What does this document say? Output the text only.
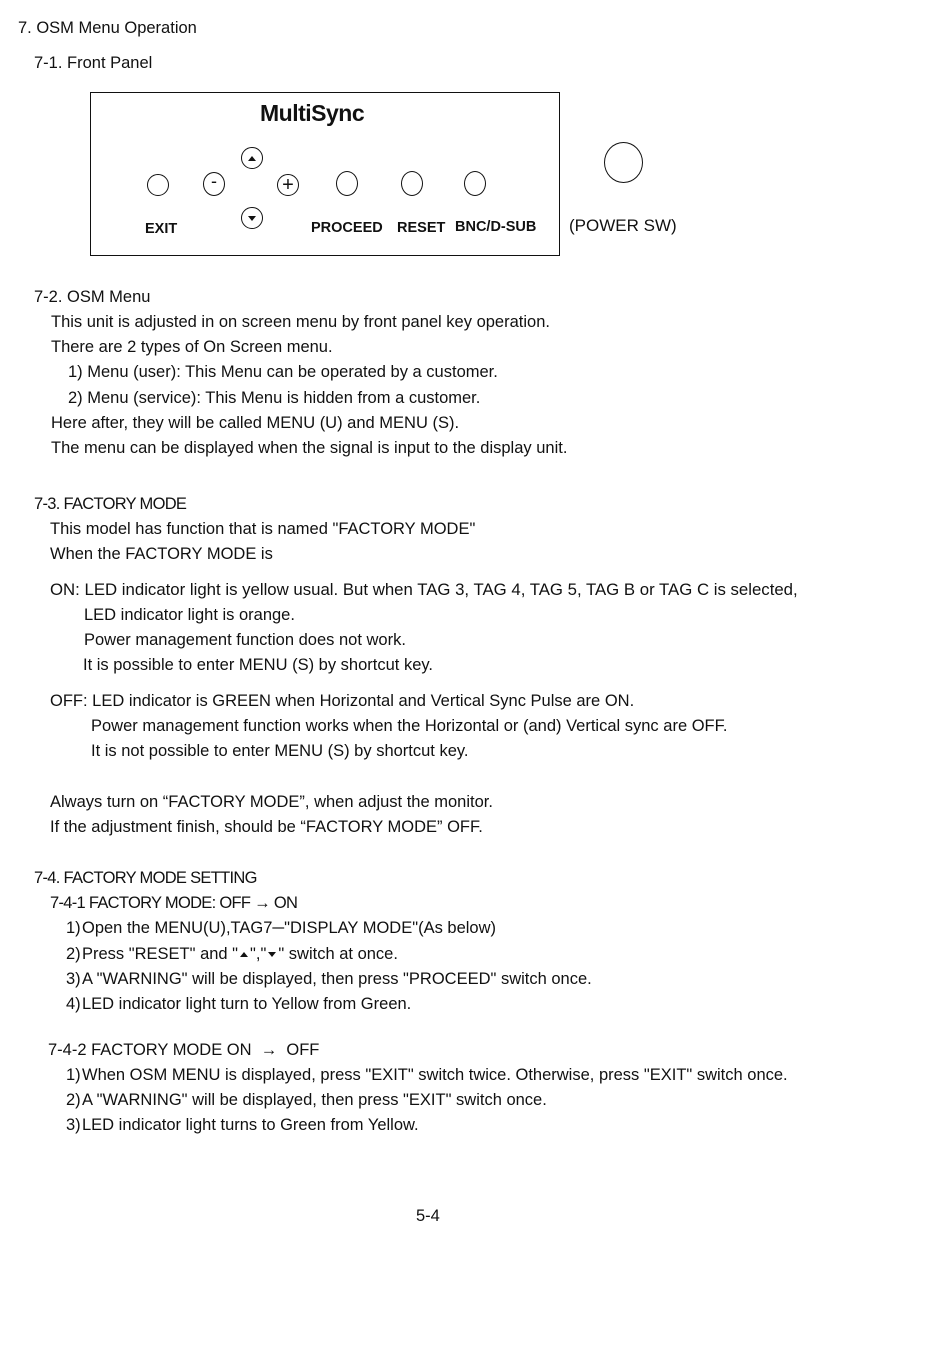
7. OSM Menu Operation
7-1. Front Panel
MultiSync
-	+
EXIT	PROCEED RESET BNC/D-SUB (POWER SW)
7-2. OSM Menu
This unit is adjusted in on screen menu by front panel key operation.
There are 2 types of On Screen menu.
1) Menu (user): This Menu can be operated by a customer.
2) Menu (service): This Menu is hidden from a customer.
Here after, they will be called MENU (U) and MENU (S).
The menu can be displayed when the signal is input to the display unit.
7-3. FACTORY MODE
This model has function that is named "FACTORY MODE"
When the FACTORY MODE is
ON: LED indicator light is yellow usual. But when TAG 3, TAG 4, TAG 5, TAG B or TAG C is selected,
LED indicator light is orange.
Power management function does not work.
It is possible to enter MENU (S) by shortcut key.
OFF: LED indicator is GREEN when Horizontal and Vertical Sync Pulse are ON.
Power management function works when the Horizontal or (and) Vertical sync are OFF.
It is not possible to enter MENU (S) by shortcut key.
Always turn on “FACTORY MODE”, when adjust the monitor.
If the adjustment finish, should be “FACTORY MODE” OFF.
7-4. FACTORY MODE SETTING
7-4-1 FACTORY MODE: OFF → ON
1) Open the MENU(U),TAG7─"DISPLAY MODE"(As below)
2) Press "RESET" and " "," " switch at once.
3) A "WARNING" will be displayed, then press "PROCEED" switch once.
4) LED indicator light turn to Yellow from Green.
7-4-2 FACTORY MODE ON  →  OFF
1) When OSM MENU is displayed, press "EXIT" switch twice. Otherwise, press "EXIT" switch once.
2) A "WARNING" will be displayed, then press "EXIT" switch once.
3) LED indicator light turns to Green from Yellow.
5-4
